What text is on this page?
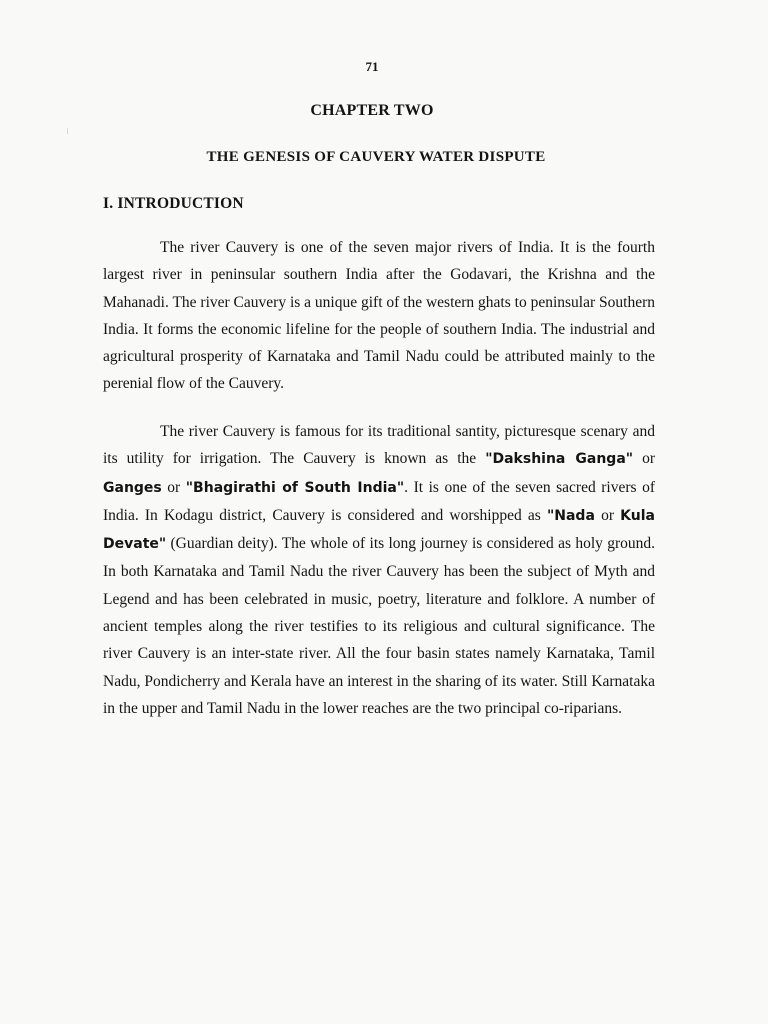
71
CHAPTER TWO
THE GENESIS OF CAUVERY WATER DISPUTE
I. INTRODUCTION

The river Cauvery is one of the seven major rivers of India. It is the fourth largest river in peninsular southern India after the Godavari, the Krishna and the Mahanadi. The river Cauvery is a unique gift of the western ghats to peninsular Southern India. It forms the economic lifeline for the people of southern India. The industrial and agricultural prosperity of Karnataka and Tamil Nadu could be attributed mainly to the perenial flow of the Cauvery.

The river Cauvery is famous for its traditional santity, picturesque scenary and its utility for irrigation. The Cauvery is known as the "Dakshina Ganga" or Ganges or "Bhagirathi of South India". It is one of the seven sacred rivers of India. In Kodagu district, Cauvery is considered and worshipped as "Nada or Kula Devate" (Guardian deity). The whole of its long journey is considered as holy ground. In both Karnataka and Tamil Nadu the river Cauvery has been the subject of Myth and Legend and has been celebrated in music, poetry, literature and folklore. A number of ancient temples along the river testifies to its religious and cultural significance. The river Cauvery is an inter-state river. All the four basin states namely Karnataka, Tamil Nadu, Pondicherry and Kerala have an interest in the sharing of its water. Still Karnataka in the upper and Tamil Nadu in the lower reaches are the two principal co-riparians.
